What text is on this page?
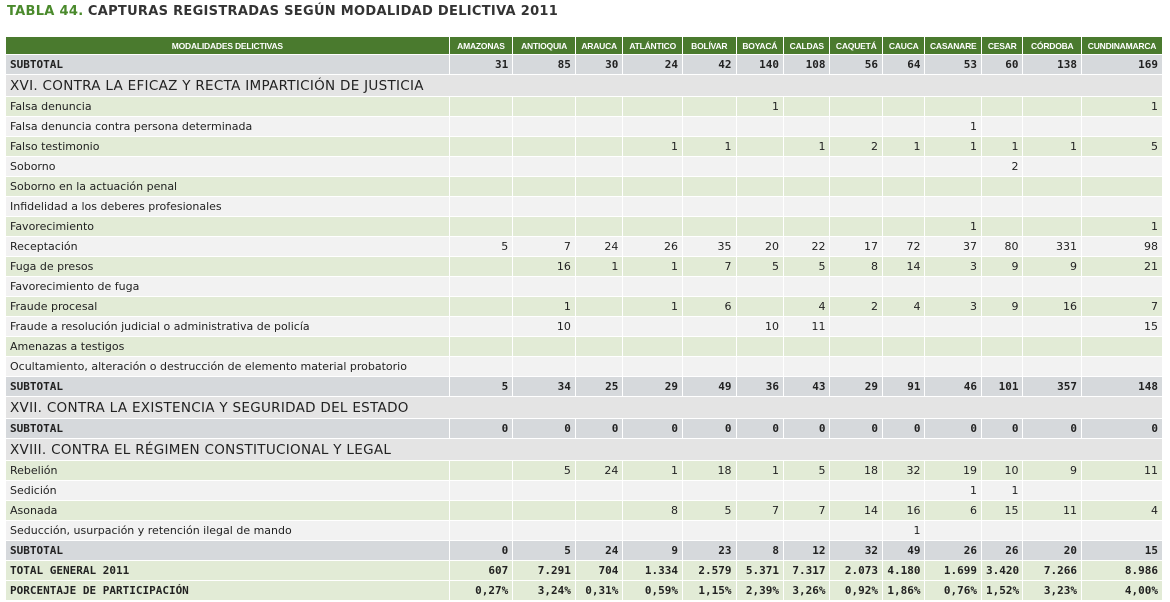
TABLA 44. CAPTURAS REGISTRADAS SEGÚN MODALIDAD DELICTIVA 2011
MODALIDADES DELICTIVAS	AMAZONAS	ANTIOQUIA	ARAUCA	ATLÁNTICO	BOLÍVAR	BOYACÁ	CALDAS	CAQUETÁ	CAUCA	CASANARE	CESAR	CÓRDOBA	CUNDINAMARCA
SUBTOTAL	31	85	30	24	42	140	108	56	64	53	60	138	169
XVI. CONTRA LA EFICAZ Y RECTA IMPARTICIÓN DE JUSTICIA													
Falsa denuncia						1							1
Falsa denuncia contra persona determinada										1			
Falso testimonio				1	1		1	2	1	1	1	1	5
Soborno											2		
Soborno en la actuación penal													
Infidelidad a los deberes profesionales													
Favorecimiento										1			1
Receptación	5	7	24	26	35	20	22	17	72	37	80	331	98
Fuga de presos		16	1	1	7	5	5	8	14	3	9	9	21
Favorecimiento de fuga													
Fraude procesal		1		1	6		4	2	4	3	9	16	7
Fraude a resolución judicial o administrativa de policía		10				10	11						15
Amenazas a testigos													
Ocultamiento, alteración o destrucción de elemento material probatorio													
SUBTOTAL	5	34	25	29	49	36	43	29	91	46	101	357	148
XVII. CONTRA LA EXISTENCIA Y SEGURIDAD DEL ESTADO													
SUBTOTAL	0	0	0	0	0	0	0	0	0	0	0	0	0
XVIII. CONTRA EL RÉGIMEN CONSTITUCIONAL Y LEGAL													
Rebelión		5	24	1	18	1	5	18	32	19	10	9	11
Sedición										1	1		
Asonada				8	5	7	7	14	16	6	15	11	4
Seducción, usurpación y retención ilegal de mando									1				
SUBTOTAL	0	5	24	9	23	8	12	32	49	26	26	20	15
TOTAL GENERAL 2011	607	7.291	704	1.334	2.579	5.371	7.317	2.073	4.180	1.699	3.420	7.266	8.986
PORCENTAJE DE PARTICIPACIÓN	0,27%	3,24%	0,31%	0,59%	1,15%	2,39%	3,26%	0,92%	1,86%	0,76%	1,52%	3,23%	4,00%
